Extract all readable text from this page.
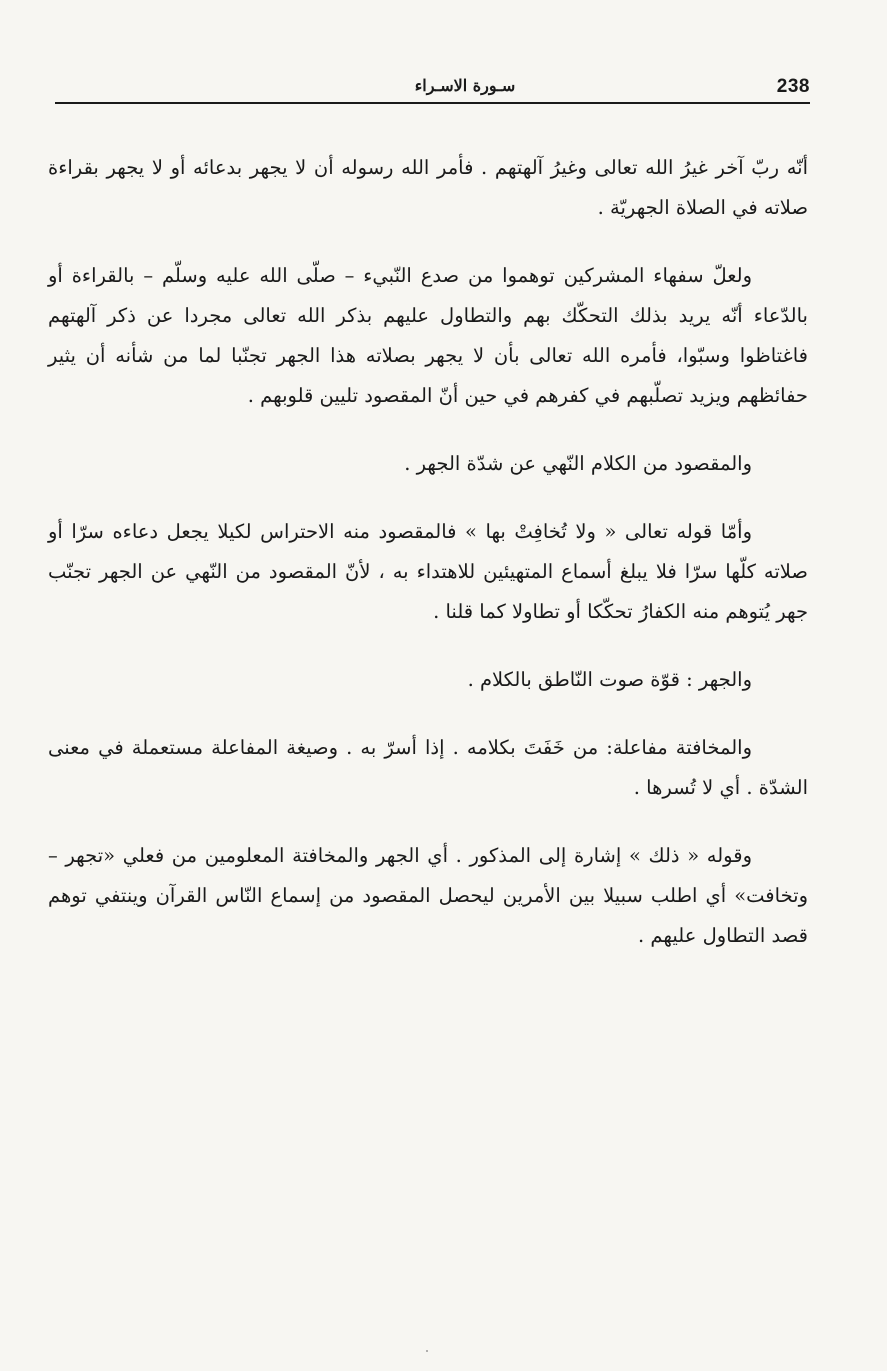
238
سـورة الاسـراء

أنّه ربّ آخر غيرُ الله تعالى وغيرُ آلهتهم . فأمر الله رسوله أن لا يجهر بدعائه أو لا يجهر بقراءة صلاته في الصلاة الجهريّة .

ولعلّ سفهاء المشركين توهموا من صدع النّبيء – صلّى الله عليه وسلّم – بالقراءة أو بالدّعاء أنّه يريد بذلك التحكّك بهم والتطاول عليهم بذكر الله تعالى مجردا عن ذكر آلهتهم فاغتاظوا وسبّوا، فأمره الله تعالى بأن لا يجهر بصلاته هذا الجهر تجنّبا لما من شأنه أن يثير حفائظهم ويزيد تصلّبهم في كفرهم في حين أنّ المقصود تليين قلوبهم .

والمقصود من الكلام النّهي عن شدّة الجهر .

وأمّا قوله تعالى « ولا تُخافِتْ بها » فالمقصود منه الاحتراس لكيلا يجعل دعاءه سرّا أو صلاته كلّها سرّا فلا يبلغ أسماع المتهيئين للاهتداء به ، لأنّ المقصود من النّهي عن الجهر تجنّب جهر يُتوهم منه الكفارُ تحكّكا أو تطاولا كما قلنا .

والجهر : قوّة صوت النّاطق بالكلام .

والمخافتة مفاعلة: من خَفَتَ بكلامه . إذا أسرّ به . وصيغة المفاعلة مستعملة في معنى الشدّة . أي لا تُسرها .

وقوله « ذلك » إشارة إلى المذكور . أي الجهر والمخافتة المعلومين من فعلي «تجهر – وتخافت» أي اطلب سبيلا بين الأمرين ليحصل المقصود من إسماع النّاس القرآن وينتفي توهم قصد التطاول عليهم .
